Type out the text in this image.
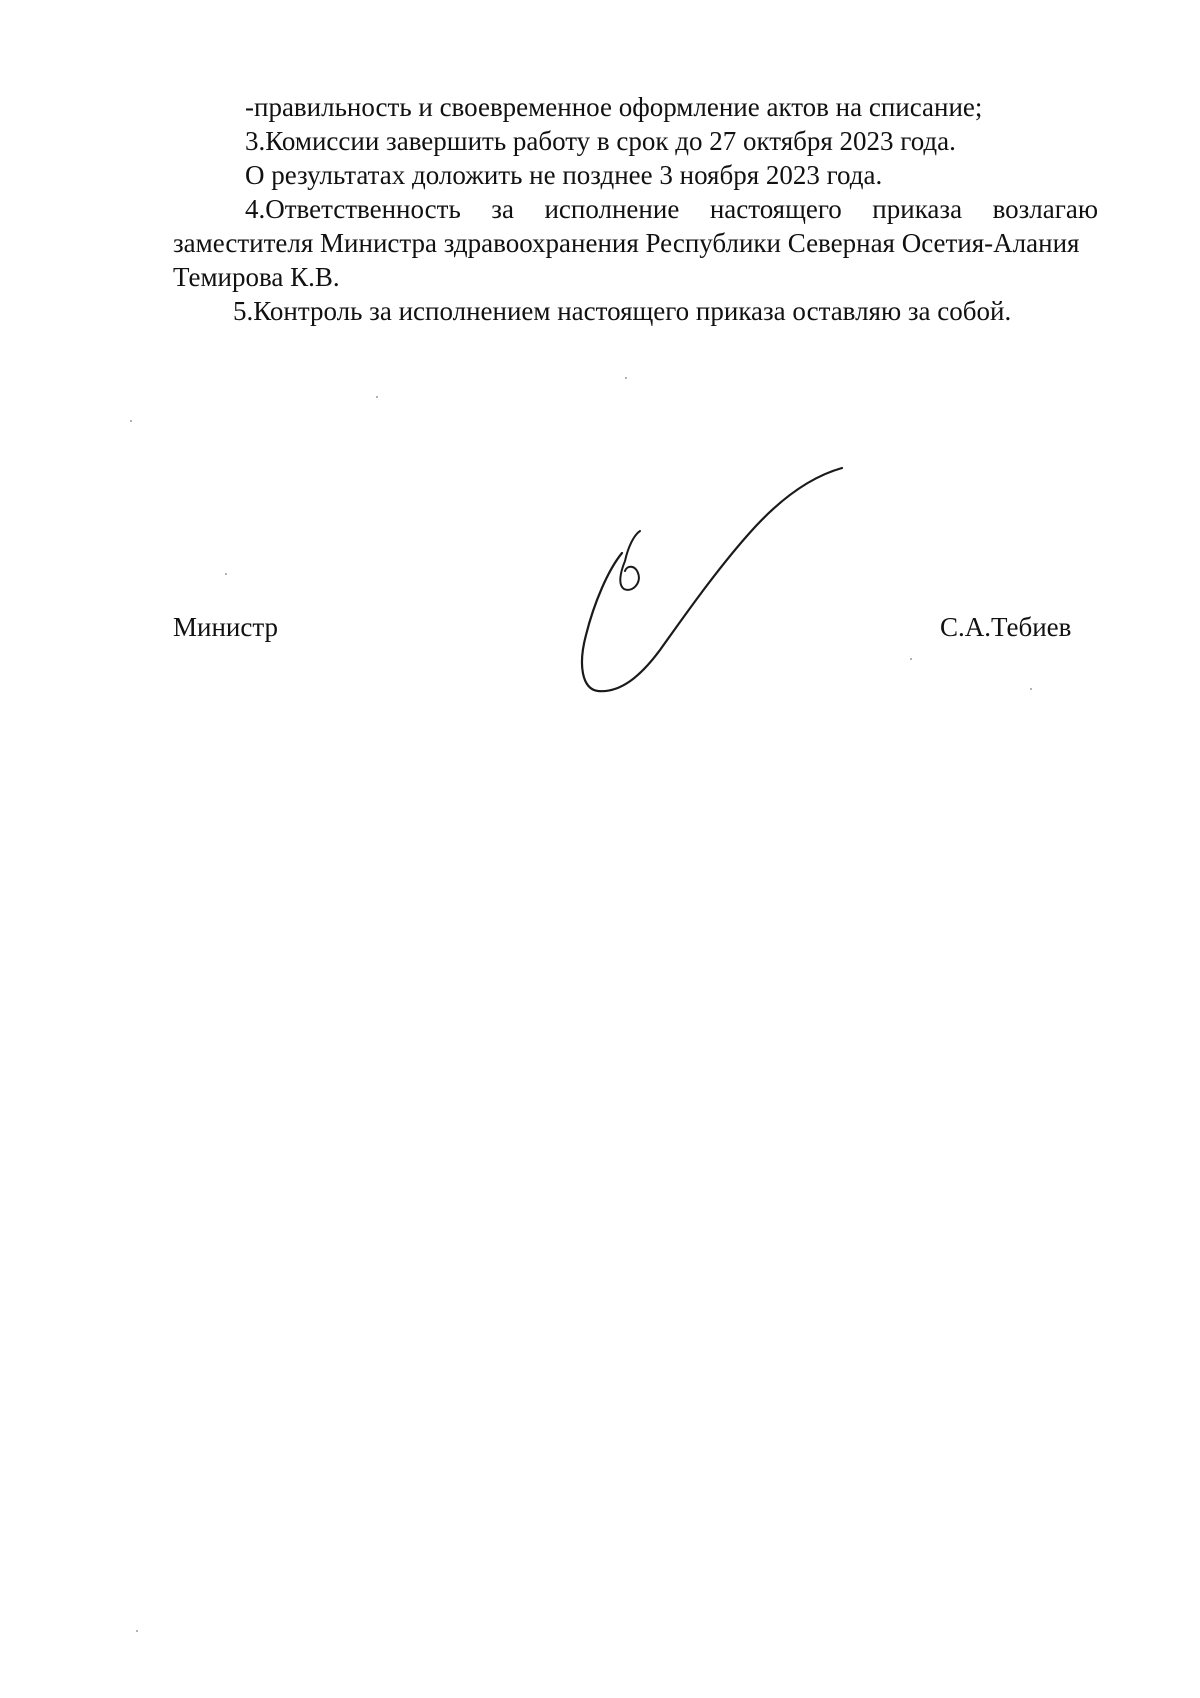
-правильность и своевременное оформление актов на списание;

3.Комиссии завершить работу в срок до 27 октября 2023 года.

О результатах доложить не позднее 3 ноября 2023 года.

4.Ответственность за исполнение настоящего приказа возлагаю
заместителя Министра здравоохранения Республики Северная Осетия-Алания
Темирова К.В.

5.Контроль за исполнением настоящего приказа оставляю за собой.

Министр	С.А.Тебиев
